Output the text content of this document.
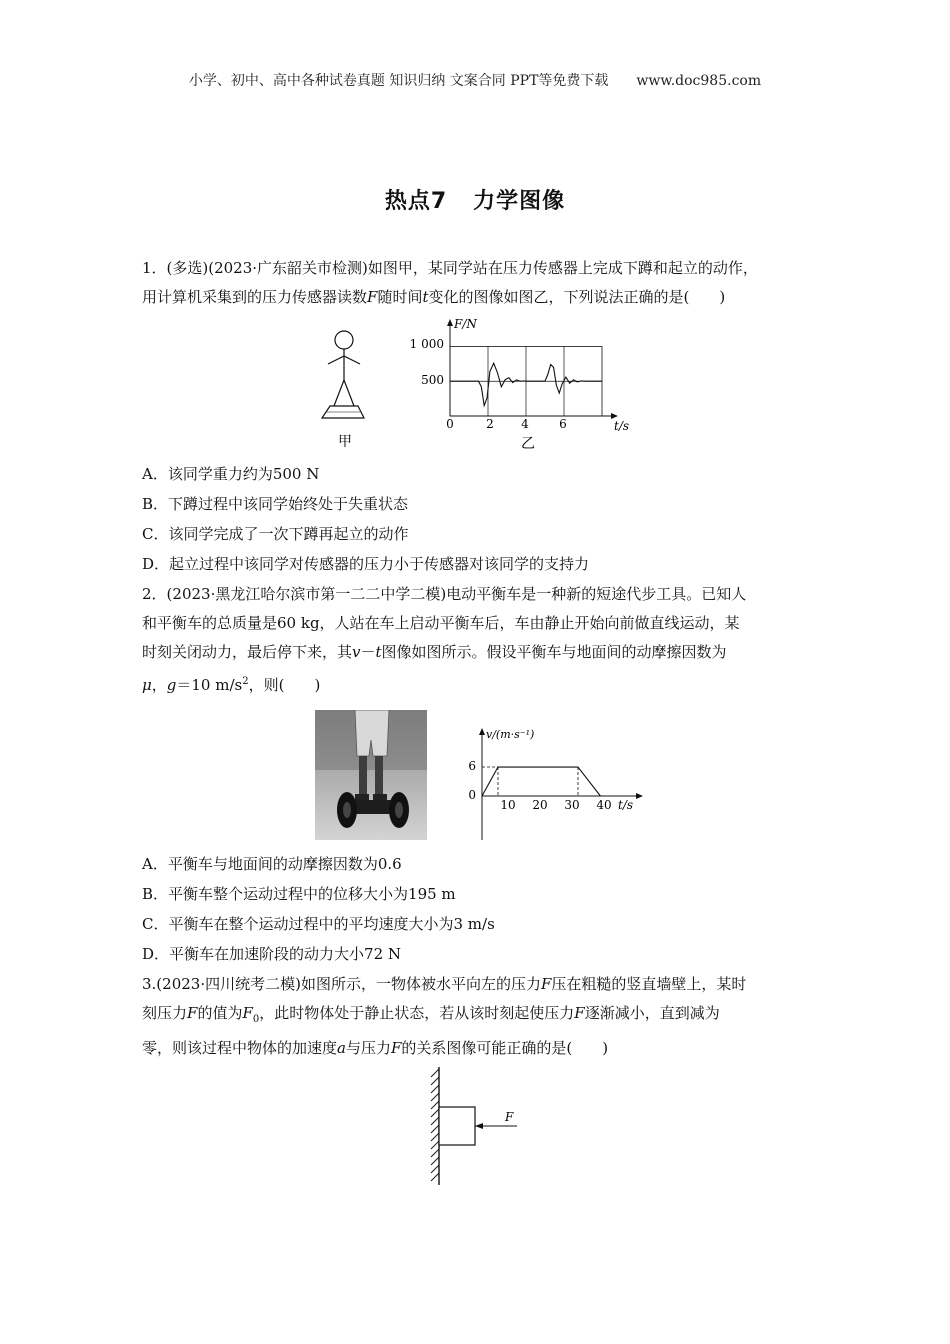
小学、初中、高中各种试卷真题 知识归纳 文案合同 PPT等免费下载 www.doc985.com
热点7 力学图像
1．(多选)(2023·广东韶关市检测)如图甲，某同学站在压力传感器上完成下蹲和起立的动作，
用计算机采集到的压力传感器读数F随时间t变化的图像如图乙，下列说法正确的是(　　)
甲
F/N
1 000
500
0	2 4	6	t/s
乙
A．该同学重力约为500 N
B．下蹲过程中该同学始终处于失重状态
C．该同学完成了一次下蹲再起立的动作
D．起立过程中该同学对传感器的压力小于传感器对该同学的支持力
2．(2023·黑龙江哈尔滨市第一二二中学二模)电动平衡车是一种新的短途代步工具。已知人
和平衡车的总质量是60 kg，人站在车上启动平衡车后，车由静止开始向前做直线运动，某
时刻关闭动力，最后停下来，其v－t图像如图所示。假设平衡车与地面间的动摩擦因数为
μ，g＝10 $m/s^2$，则(　　)
v/(m·s⁻¹)
6
0
10 20 30 40 t/s
A．平衡车与地面间的动摩擦因数为0.6
B．平衡车整个运动过程中的位移大小为195 m
C．平衡车在整个运动过程中的平均速度大小为3 m/s
D．平衡车在加速阶段的动力大小72 N
3.(2023·四川统考二模)如图所示，一物体被水平向左的压力F压在粗糙的竖直墙壁上，某时
刻压力F的值为$F_0$，此时物体处于静止状态，若从该时刻起使压力F逐渐减小，直到减为
零，则该过程中物体的加速度a与压力F的关系图像可能正确的是(　　)
F
